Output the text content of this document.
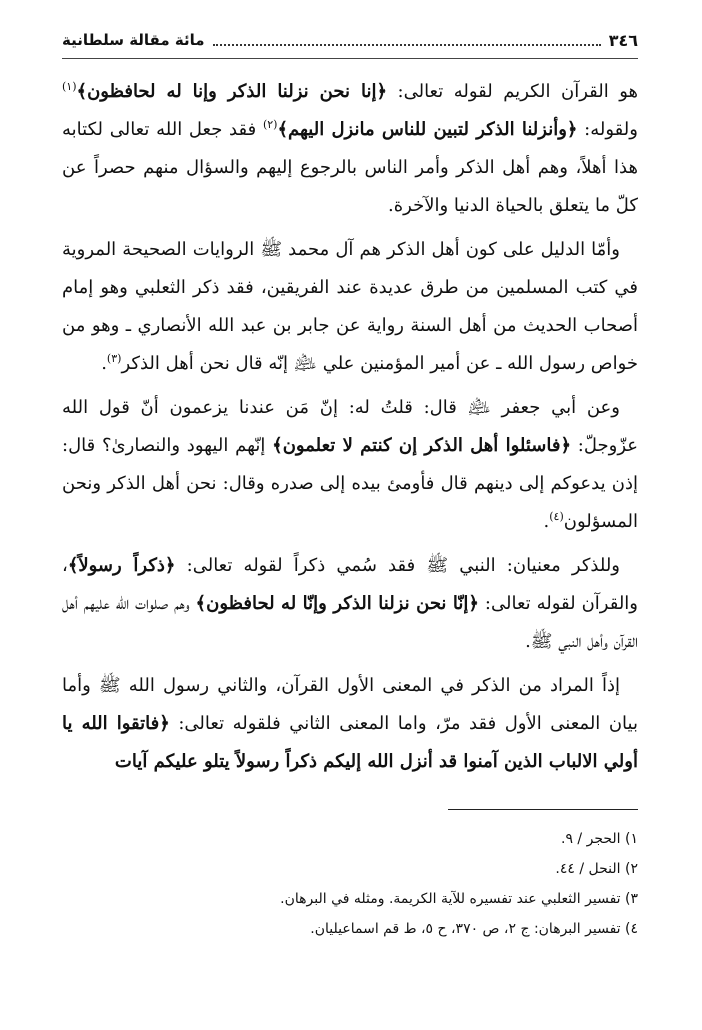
٣٤٦
مائة مقالة سلطانية

هو القرآن الكريم لقوله تعالى: ﴿إنا نحن نزلنا الذكر وإنا له لحافظون﴾$^{(١)}$ ولقوله: ﴿وأنزلنا الذكر لتبين للناس مانزل اليهم﴾$^{(٢)}$ فقد جعل الله تعالى لكتابه هذا أهلاً، وهم أهل الذكر وأمر الناس بالرجوع إليهم والسؤال منهم حصراً عن كلّ ما يتعلق بالحياة الدنيا والآخرة.

وأمّا الدليل على كون أهل الذكر هم آل محمد ﷺ الروايات الصحيحة المروية في كتب المسلمين من طرق عديدة عند الفريقين، فقد ذكر الثعلبي وهو إمام أصحاب الحديث من أهل السنة رواية عن جابر بن عبد الله الأنصاري ـ وهو من خواص رسول الله ـ عن أمير المؤمنين علي ﵇ إنّه قال نحن أهل الذكر$^{(٣)}$.

وعن أبي جعفر ﵇ قال: قلتُ له: إنّ مَن عندنا يزعمون أنّ قول الله عزّوجلّ: ﴿فاسئلوا أهل الذكر إن كنتم لا تعلمون﴾ إنّهم اليهود والنصارىٰ؟ قال: إذن يدعوكم إلى دينهم قال فأومئ بيده إلى صدره وقال: نحن أهل الذكر ونحن المسؤلون$^{(٤)}$.

وللذكر معنيان: النبي ﷺ فقد سُمي ذكراً لقوله تعالى: ﴿ذكراً رسولاً﴾، والقرآن لقوله تعالى: ﴿إنّا نحن نزلنا الذكر وإنّا له لحافظون﴾ وهم صلوات الله عليهم أهل القرآن وأهل النبي ﷺ.

إذاً المراد من الذكر في المعنى الأول القرآن، والثاني رسول الله ﷺ وأما بيان المعنى الأول فقد مرّ، واما المعنى الثاني فلقوله تعالى: ﴿فاتقوا الله يا أولي الالباب الذين آمنوا قد أنزل الله إليكم ذكراً رسولاً يتلو عليكم آيات

١) الحجر / ٩.
٢) النحل / ٤٤.
٣) تفسير الثعلبي عند تفسيره للآية الكريمة. ومثله في البرهان.
٤) تفسير البرهان: ج ٢، ص ٣٧٠، ح ٥، ط قم اسماعيليان.
